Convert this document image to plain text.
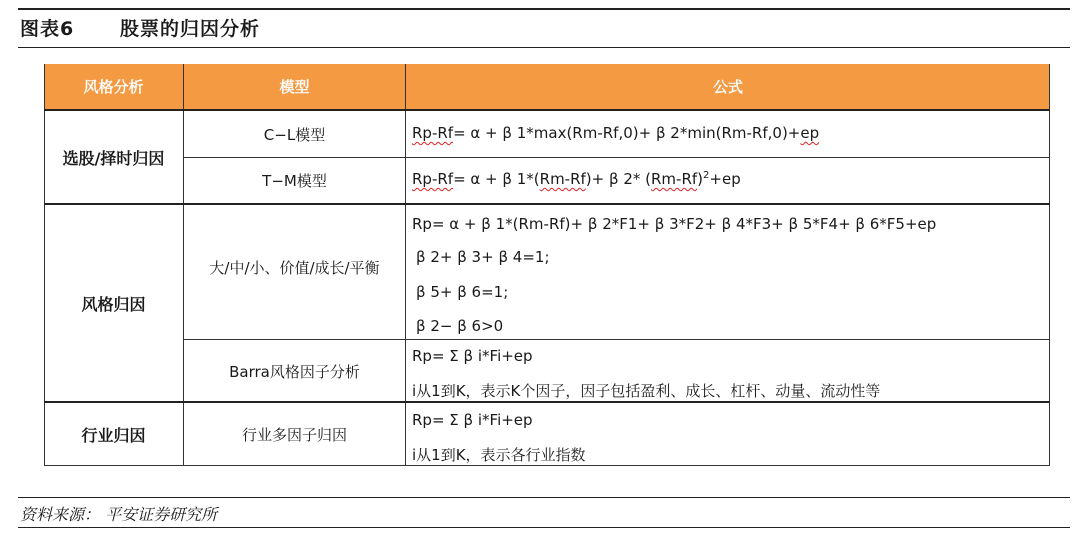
图表6 股票的归因分析
风格分析	模型	公式
选股/择时归因
风格归因
行业归因
C−L模型
T−M模型
大/中/小、价值/成长/平衡
Barra风格因子分析
行业多因子归因
Rp-Rf= α + β 1*max(Rm-Rf,0)+ β 2*min(Rm-Rf,0)+ep
Rp-Rf= α + β 1*(Rm-Rf)+ β 2* $(Rm-Rf)^2+ep$
Rp= α + β 1*(Rm-Rf)+ β 2*F1+ β 3*F2+ β 4*F3+ β 5*F4+ β 6*F5+ep
β 2+ β 3+ β 4=1;
β 5+ β 6=1;
β 2− β 6>0
Rp= Σ β i*Fi+ep
i从1到K，表示K个因子，因子包括盈利、成长、杠杆、动量、流动性等
Rp= Σ β i*Fi+ep
i从1到K，表示各行业指数
资料来源： 平安证券研究所
